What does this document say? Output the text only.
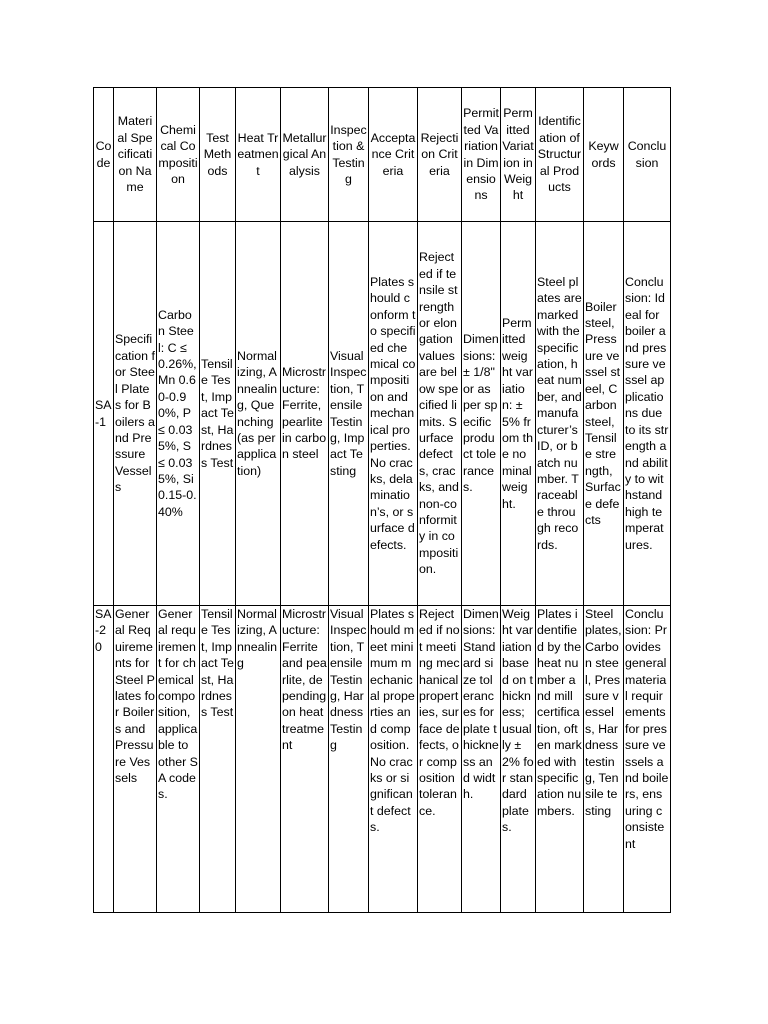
Code	Material Specification Name	Chemical Composition	Test Methods	Heat Treatment	Metallurgical Analysis	Inspection & Testing	Acceptance Criteria	Rejection Criteria	Permitted Variation in Dimensions	Permitted Variation in Weight	Identification of Structural Products	Keywords	Conclusion
SA-1	Specification for Steel Plates for Boilers and Pressure Vessels	Carbon Steel: C ≤ 0.26%, Mn 0.60-0.90%, P ≤ 0.035%, S ≤ 0.035%, Si 0.15-0.40%	Tensile Test, Impact Test, Hardness Test	Normalizing, Annealing, Quenching (as per application)	Microstructure: Ferrite, pearlite in carbon steel	Visual Inspection, Tensile Testing, Impact Testing	Plates should conform to specified chemical composition and mechanical properties. No cracks, delamination’s, or surface defects.	Rejected if tensile strength or elongation values are below specified limits. Surface defects, cracks, and non-conformity in composition.	Dimensions: ± 1/8" or as per specific product tolerances.	Permitted weight variation: ± 5% from the nominal weight.	Steel plates are marked with the specification, heat number, and manufacturer’s ID, or batch number. Traceable through records.	Boiler steel, Pressure vessel steel, Carbon steel, Tensile strength, Surface defects	Conclusion: Ideal for boiler and pressure vessel applications due to its strength and ability to withstand high temperatures.
SA-20	General Requirements for Steel Plates for Boilers and Pressure Vessels	General requirement for chemical composition, applicable to other SA codes.	Tensile Test, Impact Test, Hardness Test	Normalizing, Annealing	Microstructure: Ferrite and pearlite, depending on heat treatment	Visual Inspection, Tensile Testing, Hardness Testing	Plates should meet minimum mechanical properties and composition. No cracks or significant defects.	Rejected if not meeting mechanical properties, surface defects, or composition tolerance.	Dimensions: Standard size tolerances for plate thickness and width.	Weight variation based on thickness; usually ± 2% for standard plates.	Plates identified by the heat number and mill certification, often marked with specification numbers.	Steel plates, Carbon steel, Pressure vessels, Hardness testing, Tensile testing	Conclusion: Provides general material requirements for pressure vessels and boilers, ensuring consistent
